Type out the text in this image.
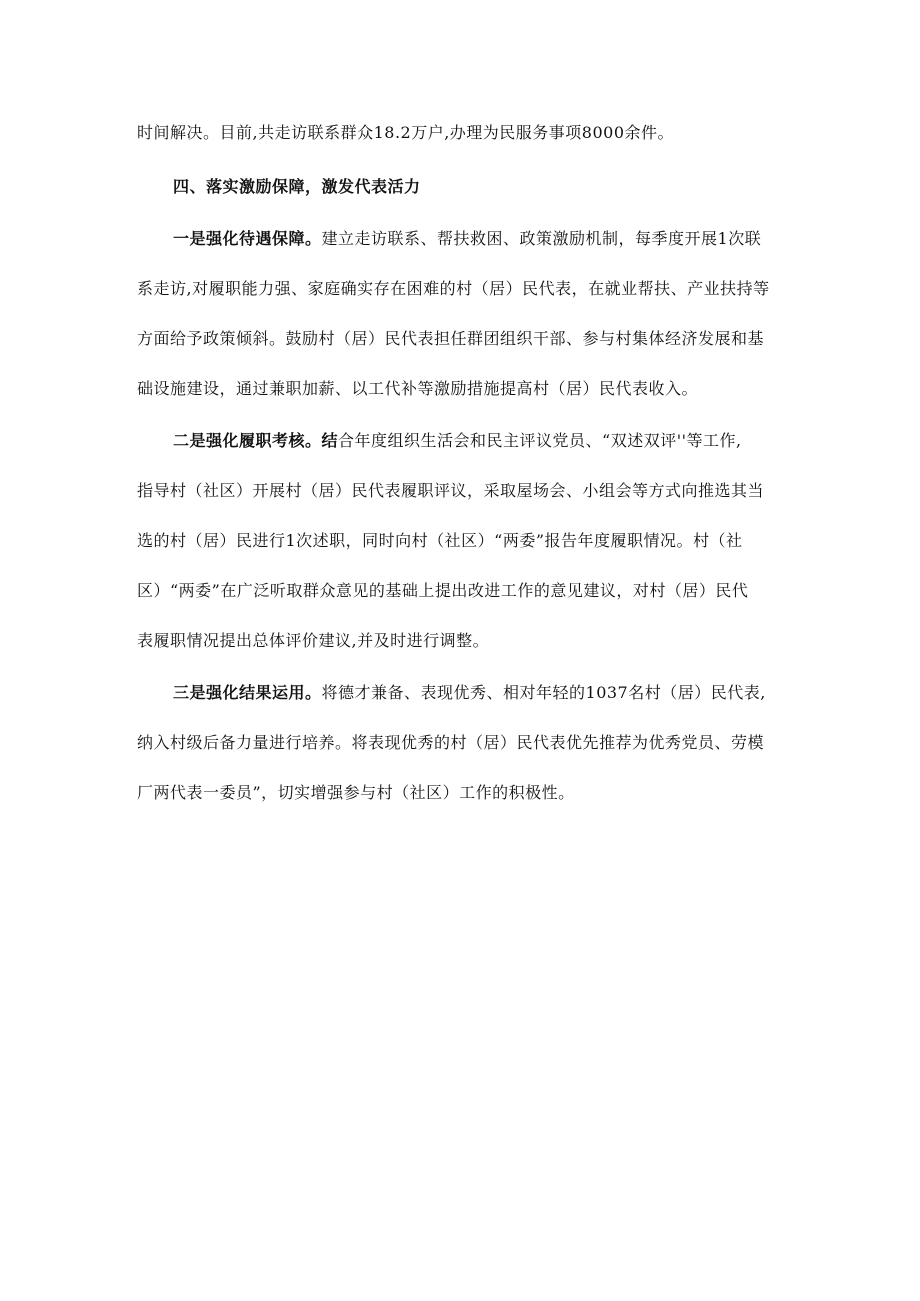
时间解决。目前,共走访联系群众18.2万户,办理为民服务事项8000余件。
四、落实激励保障，激发代表活力
一是强化待遇保障。建立走访联系、帮扶救困、政策激励机制，每季度开展1次联
系走访,对履职能力强、家庭确实存在困难的村（居）民代表，在就业帮扶、产业扶持等
方面给予政策倾斜。鼓励村（居）民代表担任群团组织干部、参与村集体经济发展和基
础设施建设，通过兼职加薪、以工代补等激励措施提高村（居）民代表收入。
二是强化履职考核。结合年度组织生活会和民主评议党员、“双述双评''等工作,
指导村（社区）开展村（居）民代表履职评议，采取屋场会、小组会等方式向推选其当
选的村（居）民进行1次述职，同时向村（社区）“两委”报告年度履职情况。村（社
区）“两委”在广泛听取群众意见的基础上提出改进工作的意见建议，对村（居）民代
表履职情况提出总体评价建议,并及时进行调整。
三是强化结果运用。将德才兼备、表现优秀、相对年轻的1037名村（居）民代表,
纳入村级后备力量进行培养。将表现优秀的村（居）民代表优先推荐为优秀党员、劳模
厂两代表一委员”，切实增强参与村（社区）工作的积极性。
